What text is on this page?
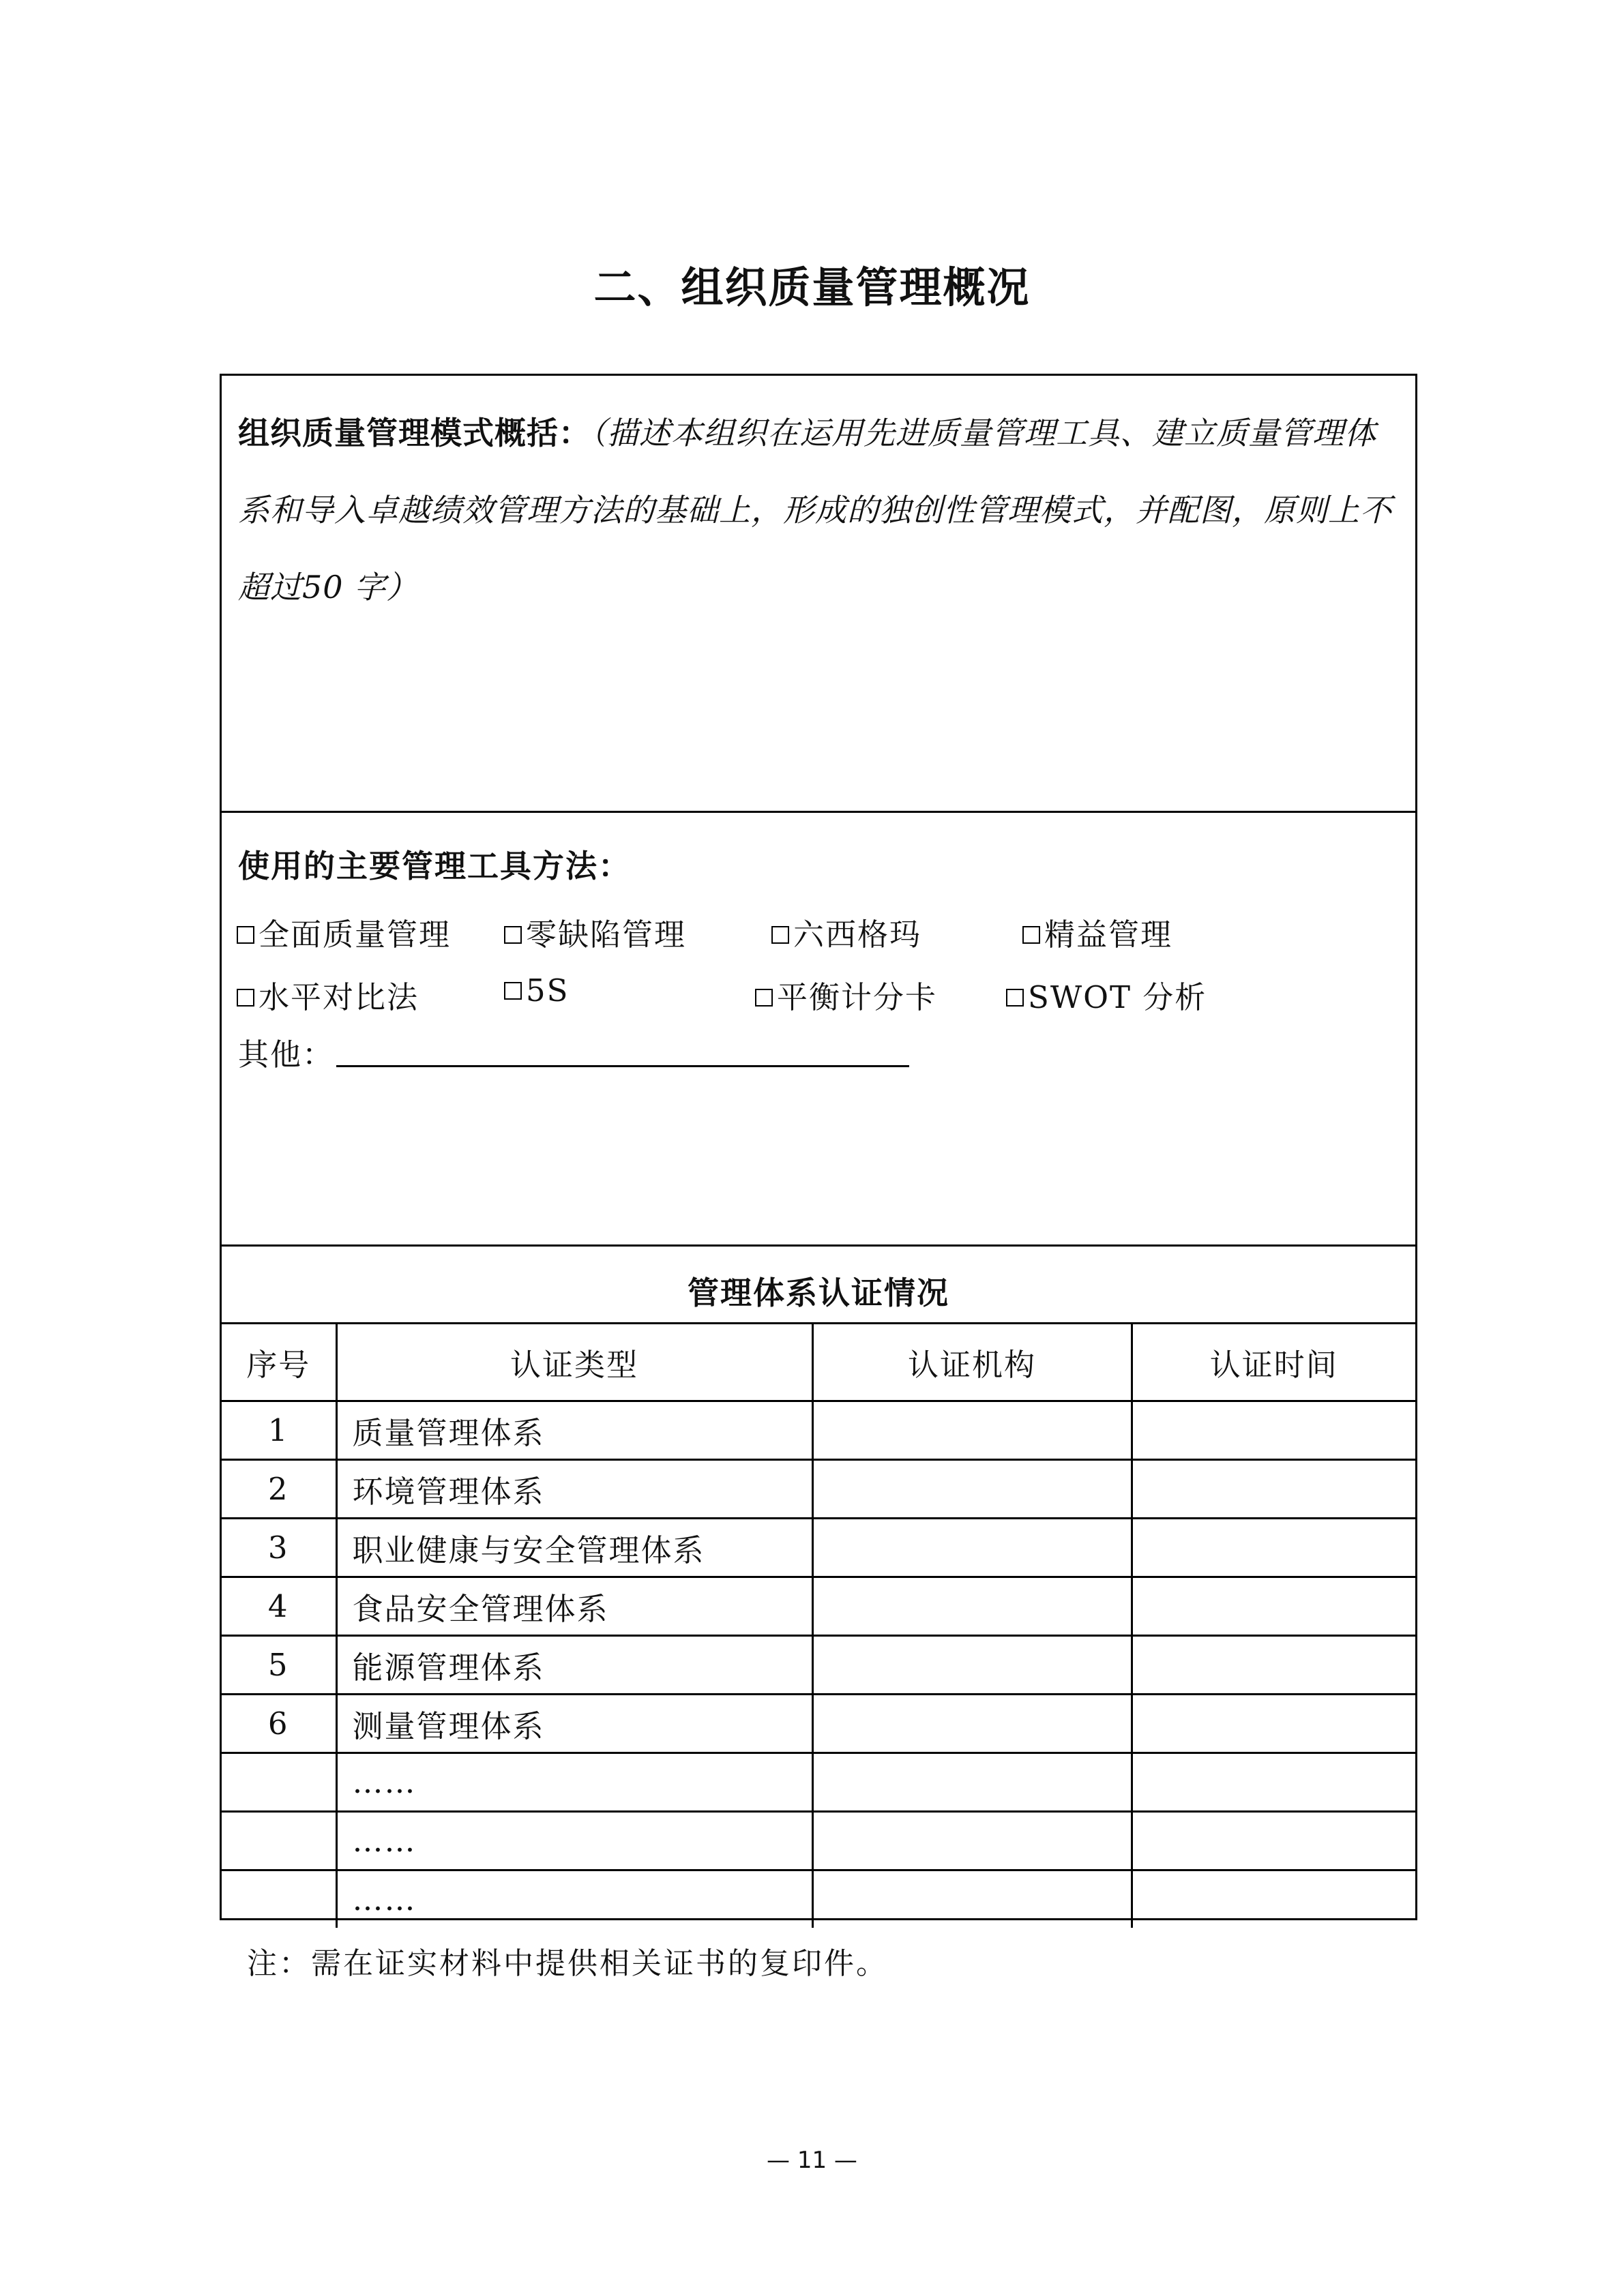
二、组织质量管理概况
组织质量管理模式概括：（描述本组织在运用先进质量管理工具、建立质量管理体系和导入卓越绩效管理方法的基础上，形成的独创性管理模式，并配图，原则上不超过50 字）
使用的主要管理工具方法：
全面质量管理	零缺陷管理	六西格玛	精益管理
水平对比法	5S	平衡计分卡	SWOT 分析
其他：
管理体系认证情况
序号	认证类型	认证机构	认证时间
1	质量管理体系		
2	环境管理体系		
3	职业健康与安全管理体系		
4	食品安全管理体系		
5	能源管理体系		
6	测量管理体系		
	……		
	……		
	……		
注：需在证实材料中提供相关证书的复印件。
— 11 —
